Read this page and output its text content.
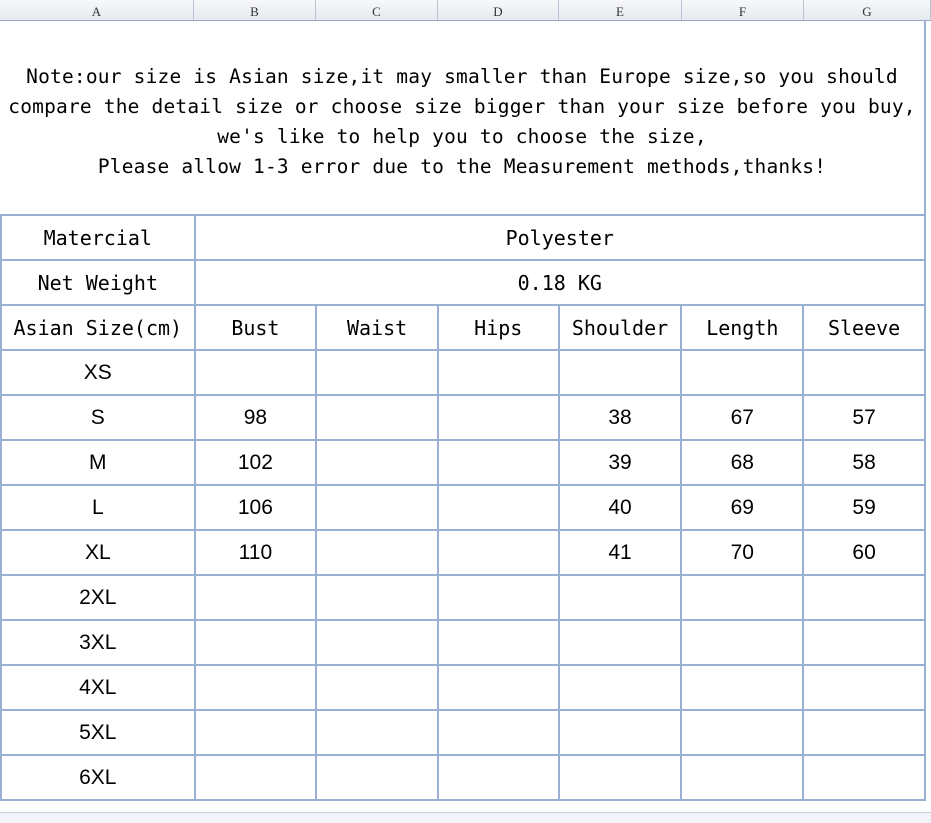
A	B	C	D	E	F	G
Note:our size is Asian size,it may smaller than Europe size,so you should
compare the detail size or choose size bigger than your size before you buy,
we's like to help you to choose the size,
Please allow 1-3 error due to the Measurement methods,thanks!
Matercial	Polyester					
Net Weight	0.18 KG					
Asian Size(cm)	Bust	Waist	Hips	Shoulder	Length	Sleeve
XS						
S	98			38	67	57
M	102			39	68	58
L	106			40	69	59
XL	110			41	70	60
2XL						
3XL						
4XL						
5XL						
6XL						
